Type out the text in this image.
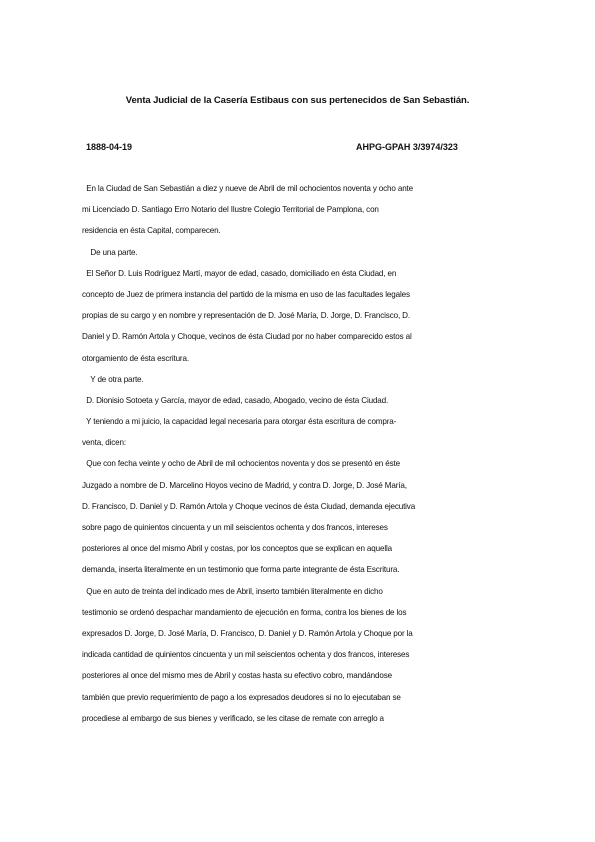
Venta Judicial de la Casería Estibaus con sus pertenecidos de San Sebastián.
1888-04-19	AHPG-GPAH 3/3974/323
En la Ciudad de San Sebastián a diez y nueve de Abril de mil ochocientos noventa y ocho ante
mi Licenciado D. Santiago Erro Notario del Ilustre Colegio Territorial de Pamplona, con
residencia en ésta Capital, comparecen.
De una parte.
El Señor D. Luis Rodríguez Martí, mayor de edad, casado, domiciliado en ésta Ciudad, en
concepto de Juez de primera instancia del partido de la misma en uso de las facultades legales
propias de su cargo y en nombre y representación de D. José María, D. Jorge, D. Francisco, D.
Daniel y D. Ramón Artola y Choque, vecinos de ésta Ciudad por no haber comparecido estos al
otorgamiento de ésta escritura.
Y de otra parte.
D. Dionisio Sotoeta y García, mayor de edad, casado, Abogado, vecino de ésta Ciudad.
Y teniendo a mi juicio, la capacidad legal necesaria para otorgar ésta escritura de compra-
venta, dicen:
Que con fecha veinte y ocho de Abril de mil ochocientos noventa y dos se presentó en éste
Juzgado a nombre de D. Marcelino Hoyos vecino de Madrid, y contra D. Jorge, D. José María,
D. Francisco, D. Daniel y D. Ramón Artola y Choque vecinos de ésta Ciudad, demanda ejecutiva
sobre pago de quinientos cincuenta y un mil seiscientos ochenta y dos francos, intereses
posteriores al once del mismo Abril y costas, por los conceptos que se explican en aquella
demanda, inserta literalmente en un testimonio que forma parte integrante de ésta Escritura.
Que en auto de treinta del indicado mes de Abril, inserto también literalmente en dicho
testimonio se ordenó despachar mandamiento de ejecución en forma, contra los bienes de los
expresados D. Jorge, D. José María, D. Francisco, D. Daniel y D. Ramón Artola y Choque por la
indicada cantidad de quinientos cincuenta y un mil seiscientos ochenta y dos francos, intereses
posteriores al once del mismo mes de Abril y costas hasta su efectivo cobro, mandándose
también que previo requerimiento de pago a los expresados deudores si no lo ejecutaban se
procediese al embargo de sus bienes y verificado, se les citase de remate con arreglo a
